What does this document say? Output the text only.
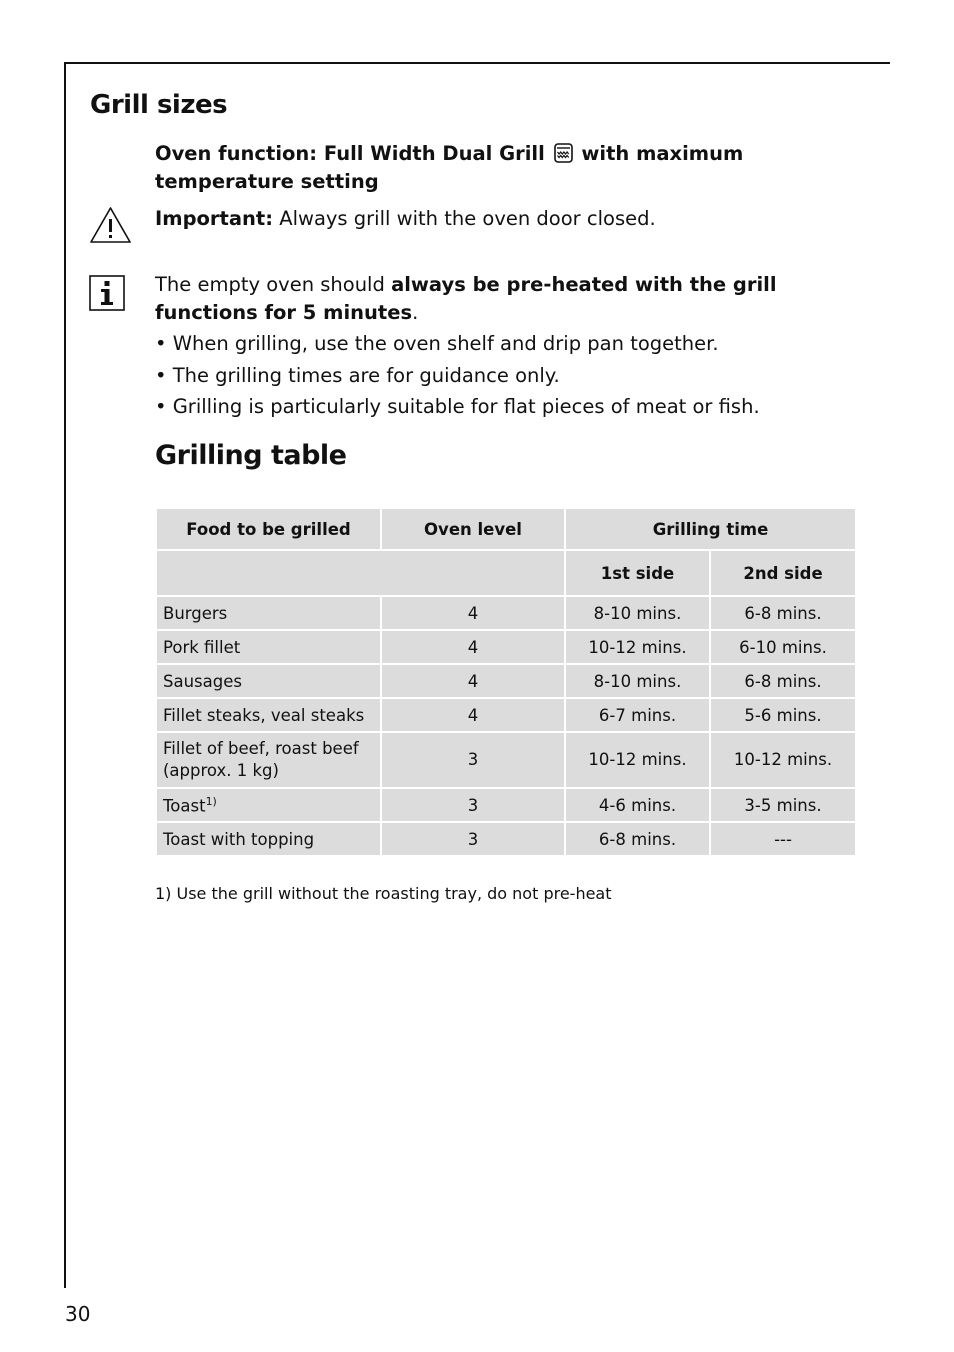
Grill sizes
Oven function: Full Width Dual Grill with maximum temperature setting
Important: Always grill with the oven door closed.
The empty oven should always be pre-heated with the grill functions for 5 minutes.
• When grilling, use the oven shelf and drip pan together.
• The grilling times are for guidance only.
• Grilling is particularly suitable for flat pieces of meat or fish.
Grilling table
Food to be grilled	Oven level	Grilling time	
		1st side	2nd side
Burgers	4	8-10 mins.	6-8 mins.
Pork fillet	4	10-12 mins.	6-10 mins.
Sausages	4	8-10 mins.	6-8 mins.
Fillet steaks, veal steaks	4	6-7 mins.	5-6 mins.
Fillet of beef, roast beef (approx. 1 kg)	3	10-12 mins.	10-12 mins.
Toast$^{1)}$	3	4-6 mins.	3-5 mins.
Toast with topping	3	6-8 mins.	---
1) Use the grill without the roasting tray, do not pre-heat
30
